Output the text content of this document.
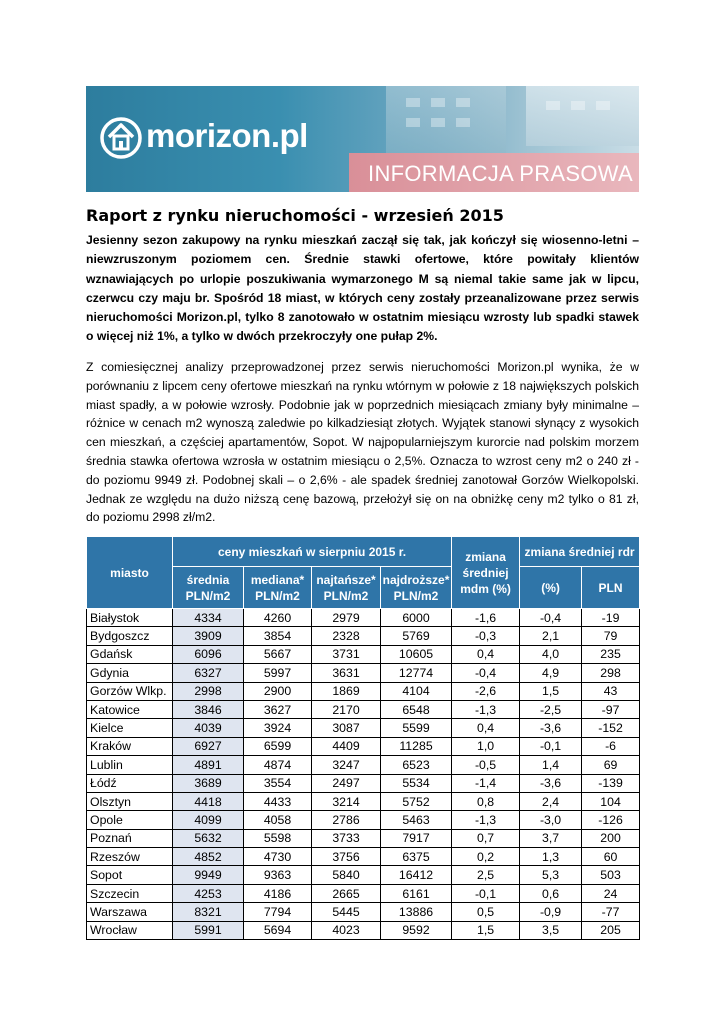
morizon.pl
INFORMACJA PRASOWA
Raport z rynku nieruchomości - wrzesień 2015
Jesienny sezon zakupowy na rynku mieszkań zaczął się tak, jak kończył się wiosenno-letni – niewzruszonym poziomem cen. Średnie stawki ofertowe, które powitały klientów wznawiających po urlopie poszukiwania wymarzonego M są niemal takie same jak w lipcu, czerwcu czy maju br. Spośród 18 miast, w których ceny zostały przeanalizowane przez serwis nieruchomości Morizon.pl, tylko 8 zanotowało w ostatnim miesiącu wzrosty lub spadki stawek o więcej niż 1%, a tylko w dwóch przekroczyły one pułap 2%.
Z comiesięcznej analizy przeprowadzonej przez serwis nieruchomości Morizon.pl wynika, że w porównaniu z lipcem ceny ofertowe mieszkań na rynku wtórnym w połowie z 18 największych polskich miast spadły, a w połowie wzrosły. Podobnie jak w poprzednich miesiącach zmiany były minimalne – różnice w cenach m2 wynoszą zaledwie po kilkadziesiąt złotych. Wyjątek stanowi słynący z wysokich cen mieszkań, a częściej apartamentów, Sopot. W najpopularniejszym kurorcie nad polskim morzem średnia stawka ofertowa wzrosła w ostatnim miesiącu o 2,5%. Oznacza to wzrost ceny m2 o 240 zł - do poziomu 9949 zł. Podobnej skali – o 2,6% - ale spadek średniej zanotował Gorzów Wielkopolski. Jednak ze względu na dużo niższą cenę bazową, przełożył się on na obniżkę ceny m2 tylko o 81 zł, do poziomu 2998 zł/m2.
miasto	ceny mieszkań w sierpniu 2015 r.				zmiana średniej mdm (%)	zmiana średniej rdr	
	średnia PLN/m2	mediana* PLN/m2	najtańsze* PLN/m2	najdroższe* PLN/m2		(%)	PLN
Białystok	4334	4260	2979	6000	-1,6	-0,4	-19
Bydgoszcz	3909	3854	2328	5769	-0,3	2,1	79
Gdańsk	6096	5667	3731	10605	0,4	4,0	235
Gdynia	6327	5997	3631	12774	-0,4	4,9	298
Gorzów Wlkp.	2998	2900	1869	4104	-2,6	1,5	43
Katowice	3846	3627	2170	6548	-1,3	-2,5	-97
Kielce	4039	3924	3087	5599	0,4	-3,6	-152
Kraków	6927	6599	4409	11285	1,0	-0,1	-6
Lublin	4891	4874	3247	6523	-0,5	1,4	69
Łódź	3689	3554	2497	5534	-1,4	-3,6	-139
Olsztyn	4418	4433	3214	5752	0,8	2,4	104
Opole	4099	4058	2786	5463	-1,3	-3,0	-126
Poznań	5632	5598	3733	7917	0,7	3,7	200
Rzeszów	4852	4730	3756	6375	0,2	1,3	60
Sopot	9949	9363	5840	16412	2,5	5,3	503
Szczecin	4253	4186	2665	6161	-0,1	0,6	24
Warszawa	8321	7794	5445	13886	0,5	-0,9	-77
Wrocław	5991	5694	4023	9592	1,5	3,5	205
